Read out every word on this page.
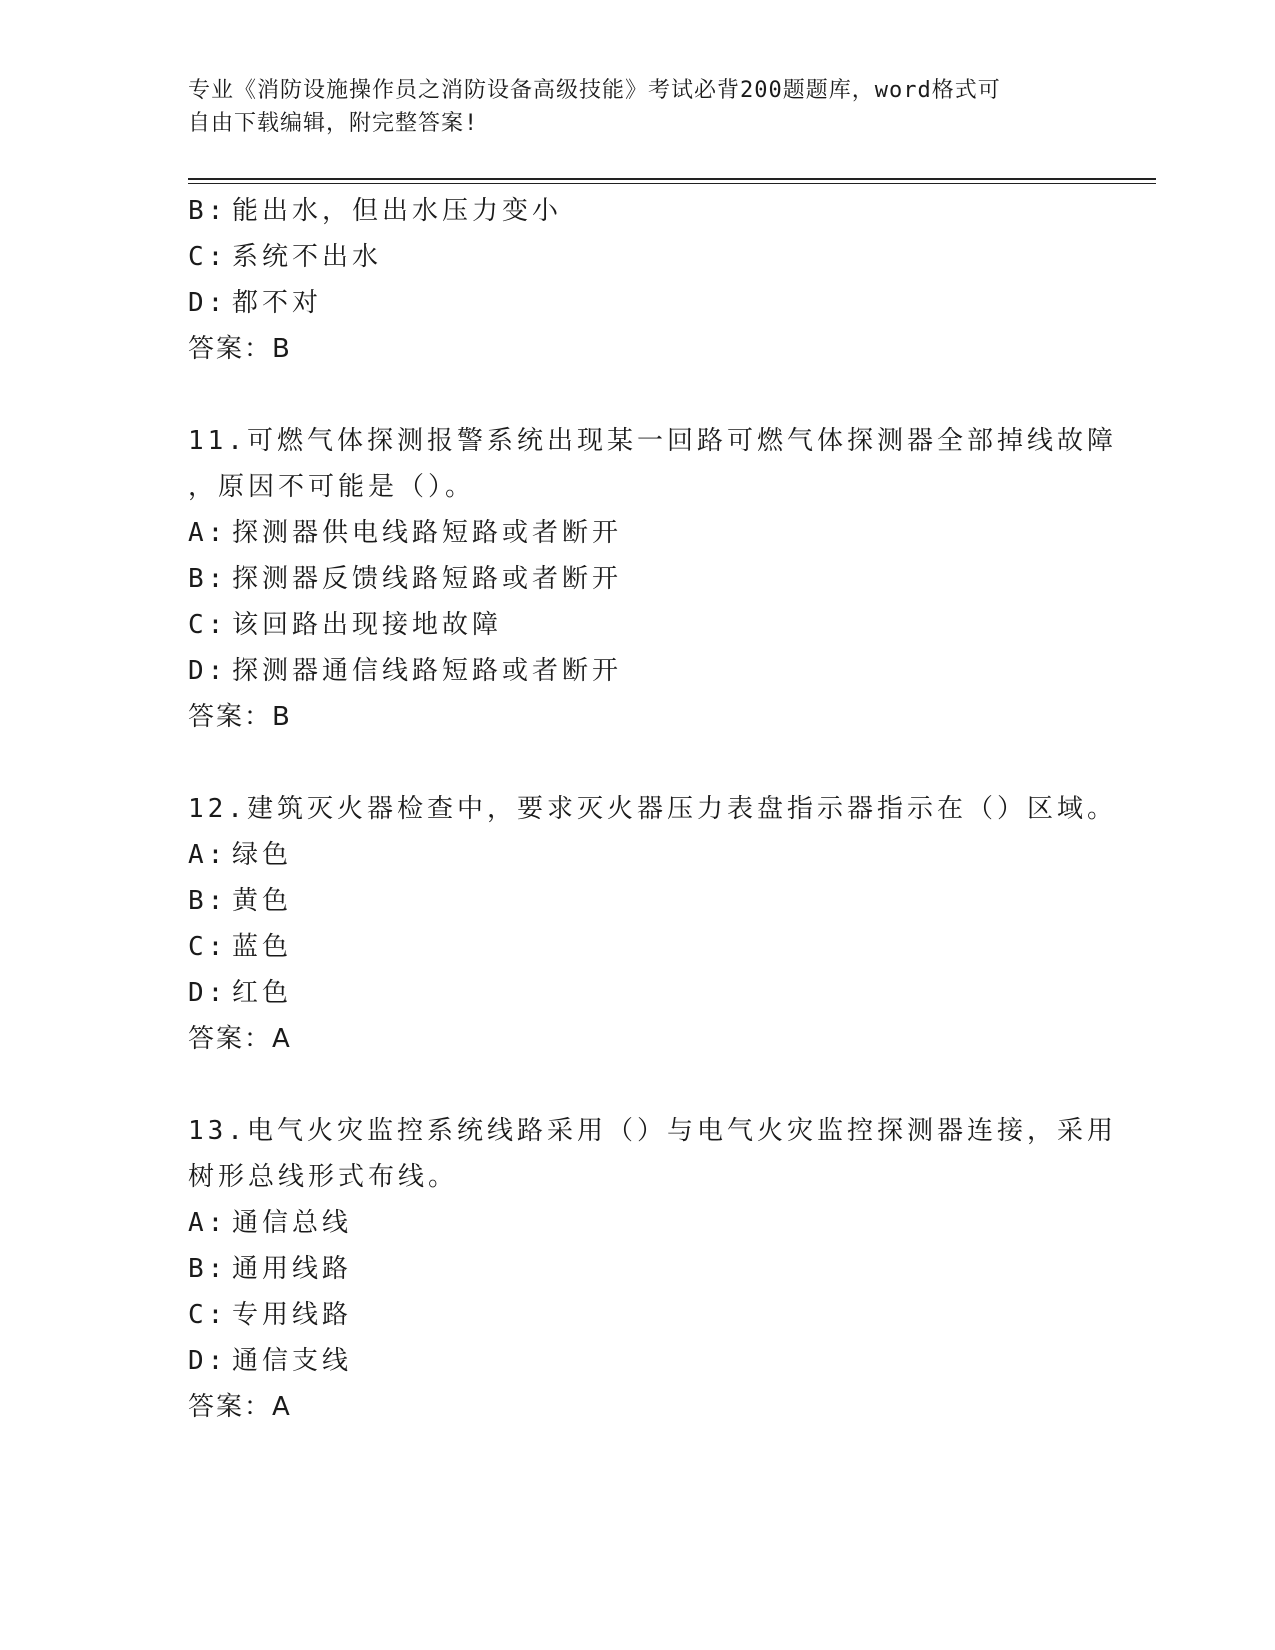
专业《消防设施操作员之消防设备高级技能》考试必背200题题库，word格式可
自由下载编辑，附完整答案!
B: 能出水，但出水压力变小
C: 系统不出水
D: 都不对
答案：B
11.可燃气体探测报警系统出现某一回路可燃气体探测器全部掉线故障
，原因不可能是（）。
A: 探测器供电线路短路或者断开
B: 探测器反馈线路短路或者断开
C: 该回路出现接地故障
D: 探测器通信线路短路或者断开
答案：B
12.建筑灭火器检查中，要求灭火器压力表盘指示器指示在（）区域。
A: 绿色
B: 黄色
C: 蓝色
D: 红色
答案：A
13.电气火灾监控系统线路采用（）与电气火灾监控探测器连接，采用
树形总线形式布线。
A: 通信总线
B: 通用线路
C: 专用线路
D: 通信支线
答案：A
